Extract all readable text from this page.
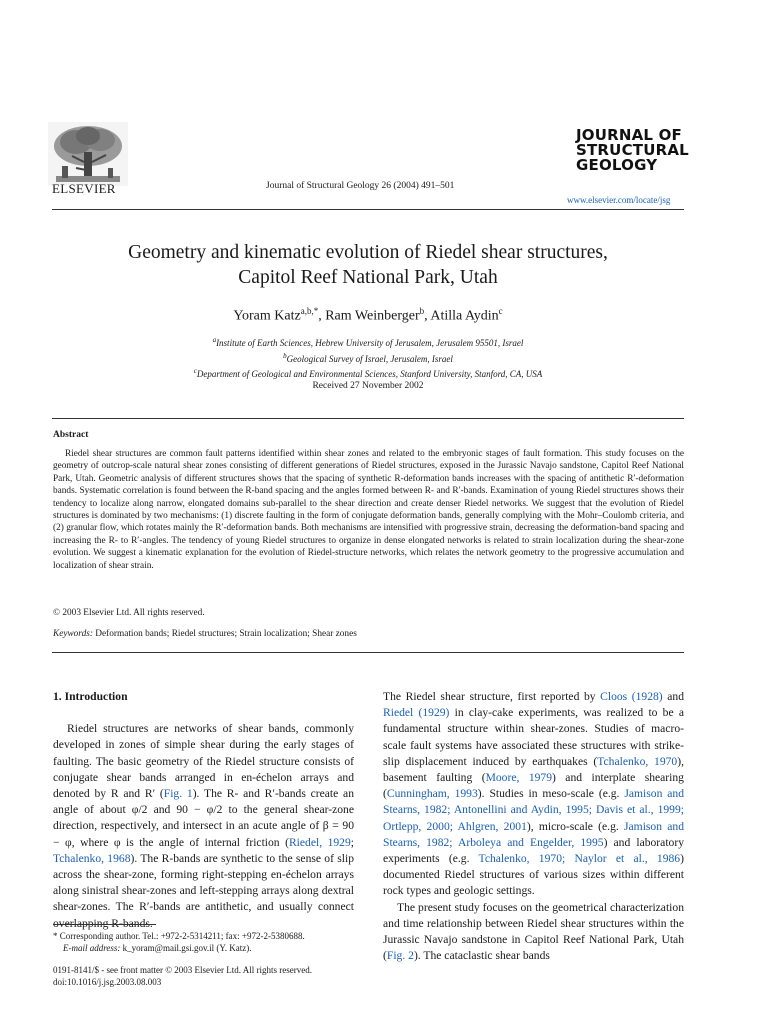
ELSEVIER	Journal of Structural Geology 26 (2004) 491–501
JOURNAL OF
STRUCTURAL
GEOLOGY
www.elsevier.com/locate/jsg
Geometry and kinematic evolution of Riedel shear structures,
Capitol Reef National Park, Utah
Yoram Katz$^{a,b,*}$, Ram Weinberger$^b$, Atilla Aydin$^c$
$^a$Institute of Earth Sciences, Hebrew University of Jerusalem, Jerusalem 95501, Israel
$^b$Geological Survey of Israel, Jerusalem, Israel
$^c$Department of Geological and Environmental Sciences, Stanford University, Stanford, CA, USA
Received 27 November 2002
Abstract

Riedel shear structures are common fault patterns identified within shear zones and related to the embryonic stages of fault formation. This study focuses on the geometry of outcrop-scale natural shear zones consisting of different generations of Riedel structures, exposed in the Jurassic Navajo sandstone, Capitol Reef National Park, Utah. Geometric analysis of different structures shows that the spacing of synthetic R-deformation bands increases with the spacing of antithetic R′-deformation bands. Systematic correlation is found between the R-band spacing and the angles formed between R- and R′-bands. Examination of young Riedel structures shows their tendency to localize along narrow, elongated domains sub-parallel to the shear direction and create denser Riedel networks. We suggest that the evolution of Riedel structures is dominated by two mechanisms: (1) discrete faulting in the form of conjugate deformation bands, generally complying with the Mohr–Coulomb criteria, and (2) granular flow, which rotates mainly the R′-deformation bands. Both mechanisms are intensified with progressive strain, decreasing the deformation-band spacing and increasing the R- to R′-angles. The tendency of young Riedel structures to organize in dense elongated networks is related to strain localization during the shear-zone evolution. We suggest a kinematic explanation for the evolution of Riedel-structure networks, which relates the network geometry to the progressive accumulation and localization of shear strain.

© 2003 Elsevier Ltd. All rights reserved.
Keywords: Deformation bands; Riedel structures; Strain localization; Shear zones

1. Introduction

Riedel structures are networks of shear bands, commonly developed in zones of simple shear during the early stages of faulting. The basic geometry of the Riedel structure consists of conjugate shear bands arranged in en-échelon arrays and denoted by R and R′ (Fig. 1). The R- and R′-bands create an angle of about φ/2 and 90 − φ/2 to the general shear-zone direction, respectively, and intersect in an acute angle of β = 90 − φ, where φ is the angle of internal friction (Riedel, 1929; Tchalenko, 1968). The R-bands are synthetic to the sense of slip across the shear-zone, forming right-stepping en-échelon arrays along sinistral shear-zones and left-stepping arrays along dextral shear-zones. The R′-bands are antithetic, and usually connect overlapping R-bands.

The Riedel shear structure, first reported by Cloos (1928) and Riedel (1929) in clay-cake experiments, was realized to be a fundamental structure within shear-zones. Studies of macro-scale fault systems have associated these structures with strike-slip displacement induced by earthquakes (Tchalenko, 1970), basement faulting (Moore, 1979) and interplate shearing (Cunningham, 1993). Studies in meso-scale (e.g. Jamison and Stearns, 1982; Antonellini and Aydin, 1995; Davis et al., 1999; Ortlepp, 2000; Ahlgren, 2001), micro-scale (e.g. Jamison and Stearns, 1982; Arboleya and Engelder, 1995) and laboratory experiments (e.g. Tchalenko, 1970; Naylor et al., 1986) documented Riedel structures of various sizes within different rock types and geologic settings.

The present study focuses on the geometrical characterization and time relationship between Riedel shear structures within the Jurassic Navajo sandstone in Capitol Reef National Park, Utah (Fig. 2). The cataclastic shear bands

* Corresponding author. Tel.: +972-2-5314211; fax: +972-2-5380688.
E-mail address: k_yoram@mail.gsi.gov.il (Y. Katz).
0191-8141/$ - see front matter © 2003 Elsevier Ltd. All rights reserved.
doi:10.1016/j.jsg.2003.08.003
